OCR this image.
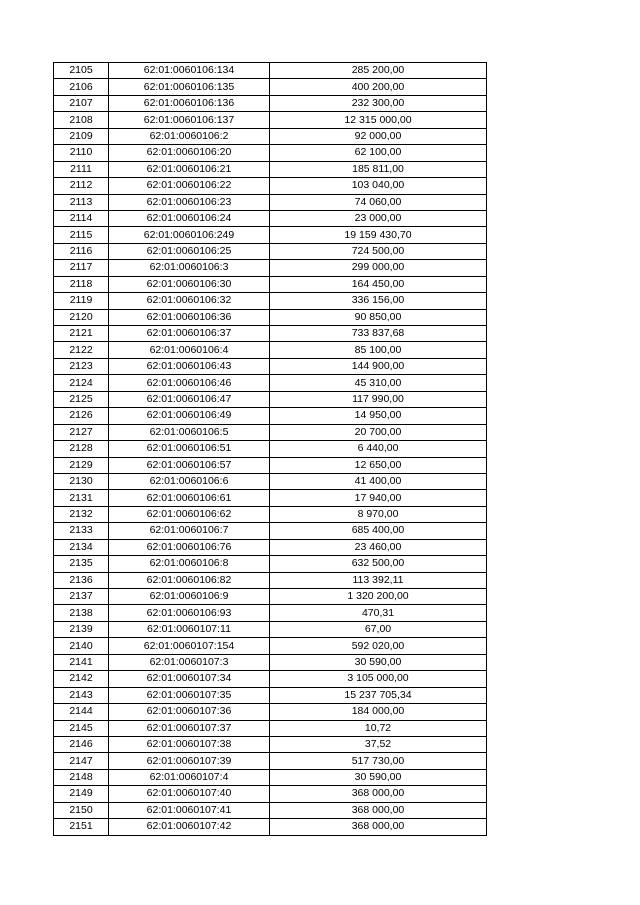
2105	62:01:0060106:134	285 200,00
2106	62:01:0060106:135	400 200,00
2107	62:01:0060106:136	232 300,00
2108	62:01:0060106:137	12 315 000,00
2109	62:01:0060106:2	92 000,00
2110	62:01:0060106:20	62 100,00
2111	62:01:0060106:21	185 811,00
2112	62:01:0060106:22	103 040,00
2113	62:01:0060106:23	74 060,00
2114	62:01:0060106:24	23 000,00
2115	62:01:0060106:249	19 159 430,70
2116	62:01:0060106:25	724 500,00
2117	62:01:0060106:3	299 000,00
2118	62:01:0060106:30	164 450,00
2119	62:01:0060106:32	336 156,00
2120	62:01:0060106:36	90 850,00
2121	62:01:0060106:37	733 837,68
2122	62:01:0060106:4	85 100,00
2123	62:01:0060106:43	144 900,00
2124	62:01:0060106:46	45 310,00
2125	62:01:0060106:47	117 990,00
2126	62:01:0060106:49	14 950,00
2127	62:01:0060106:5	20 700,00
2128	62:01:0060106:51	6 440,00
2129	62:01:0060106:57	12 650,00
2130	62:01:0060106:6	41 400,00
2131	62:01:0060106:61	17 940,00
2132	62:01:0060106:62	8 970,00
2133	62:01:0060106:7	685 400,00
2134	62:01:0060106:76	23 460,00
2135	62:01:0060106:8	632 500,00
2136	62:01:0060106:82	113 392,11
2137	62:01:0060106:9	1 320 200,00
2138	62:01:0060106:93	470,31
2139	62:01:0060107:11	67,00
2140	62:01:0060107:154	592 020,00
2141	62:01:0060107:3	30 590,00
2142	62:01:0060107:34	3 105 000,00
2143	62:01:0060107:35	15 237 705,34
2144	62:01:0060107:36	184 000,00
2145	62:01:0060107:37	10,72
2146	62:01:0060107:38	37,52
2147	62:01:0060107:39	517 730,00
2148	62:01:0060107:4	30 590,00
2149	62:01:0060107:40	368 000,00
2150	62:01:0060107:41	368 000,00
2151	62:01:0060107:42	368 000,00
